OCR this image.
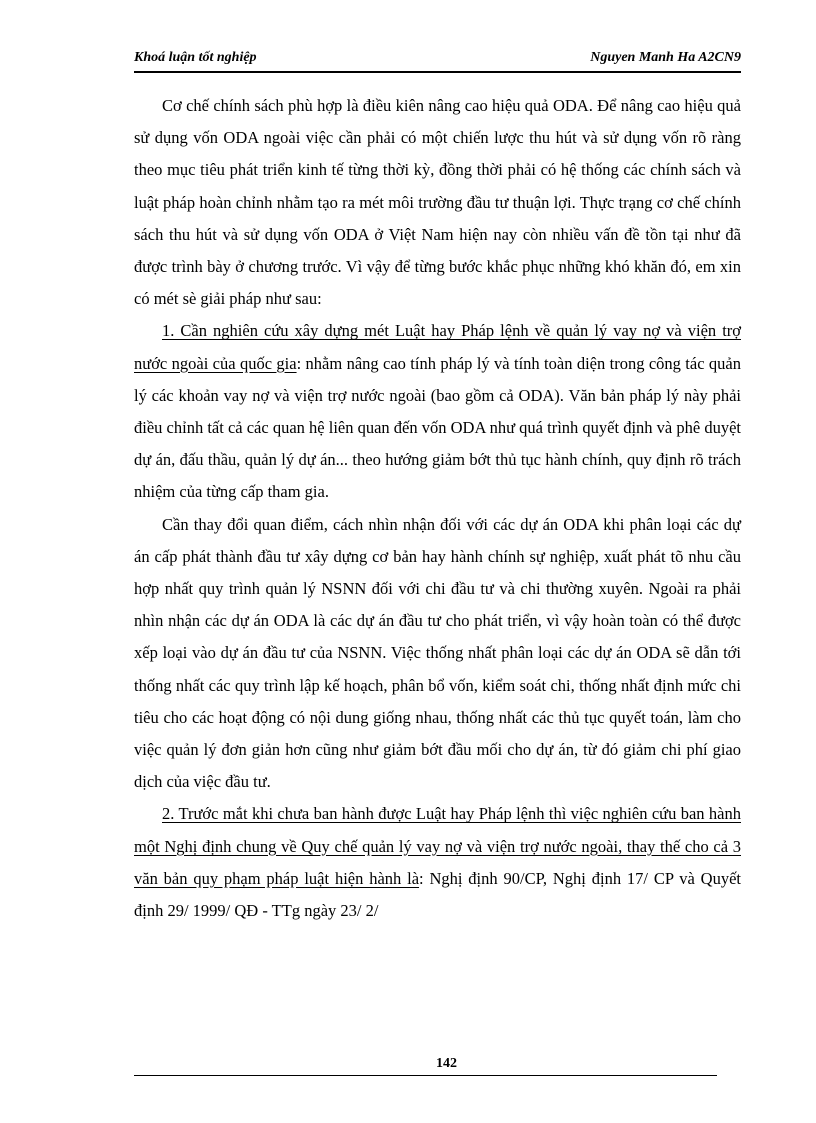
Khoá luận tốt nghiệp	Nguyen Manh Ha A2CN9

Cơ chế chính sách phù hợp là điều kiên nâng cao hiệu quả ODA. Để nâng cao hiệu quả sử dụng vốn ODA ngoài việc cần phải có một chiến lược thu hút và sử dụng vốn rõ ràng theo mục tiêu phát triển kinh tế từng thời kỳ, đồng thời phải có hệ thống các chính sách và luật pháp hoàn chỉnh nhằm tạo ra mét môi trường đầu tư thuận lợi. Thực trạng cơ chế chính sách thu hút và sử dụng vốn ODA ở Việt Nam hiện nay còn nhiều vấn đề tồn tại như đã được trình bày ở chương trước. Vì vậy để từng bước khắc phục những khó khăn đó, em xin có mét sè giải pháp như sau:

1. Cần nghiên cứu xây dựng mét Luật hay Pháp lệnh về quản lý vay nợ và viện trợ nước ngoài của quốc gia: nhằm nâng cao tính pháp lý và tính toàn diện trong công tác quản lý các khoản vay nợ và viện trợ nước ngoài (bao gồm cả ODA). Văn bản pháp lý này phải điều chỉnh tất cả các quan hệ liên quan đến vốn ODA như quá trình quyết định và phê duyệt dự án, đấu thầu, quản lý dự án... theo hướng giảm bớt thủ tục hành chính, quy định rõ trách nhiệm của từng cấp tham gia.

Cần thay đổi quan điểm, cách nhìn nhận đối với các dự án ODA khi phân loại các dự án cấp phát thành đầu tư xây dựng cơ bản hay hành chính sự nghiệp, xuất phát tõ nhu cầu hợp nhất quy trình quản lý NSNN đối với chi đầu tư và chi thường xuyên. Ngoài ra phải nhìn nhận các dự án ODA là các dự án đầu tư cho phát triển, vì vậy hoàn toàn có thể được xếp loại vào dự án đầu tư của NSNN. Việc thống nhất phân loại các dự án ODA sẽ dẫn tới thống nhất các quy trình lập kế hoạch, phân bổ vốn, kiểm soát chi, thống nhất định mức chi tiêu cho các hoạt động có nội dung giống nhau, thống nhất các thủ tục quyết toán, làm cho việc quản lý đơn giản hơn cũng như giảm bớt đầu mối cho dự án, từ đó giảm chi phí giao dịch của việc đầu tư.

2. Trước mắt khi chưa ban hành được Luật hay Pháp lệnh thì việc nghiên cứu ban hành một Nghị định chung về Quy chế quản lý vay nợ và viện trợ nước ngoài, thay thế cho cả 3 văn bản quy phạm pháp luật hiện hành là: Nghị định 90/CP, Nghị định 17/ CP và Quyết định 29/ 1999/ QĐ - TTg ngày 23/ 2/

142
